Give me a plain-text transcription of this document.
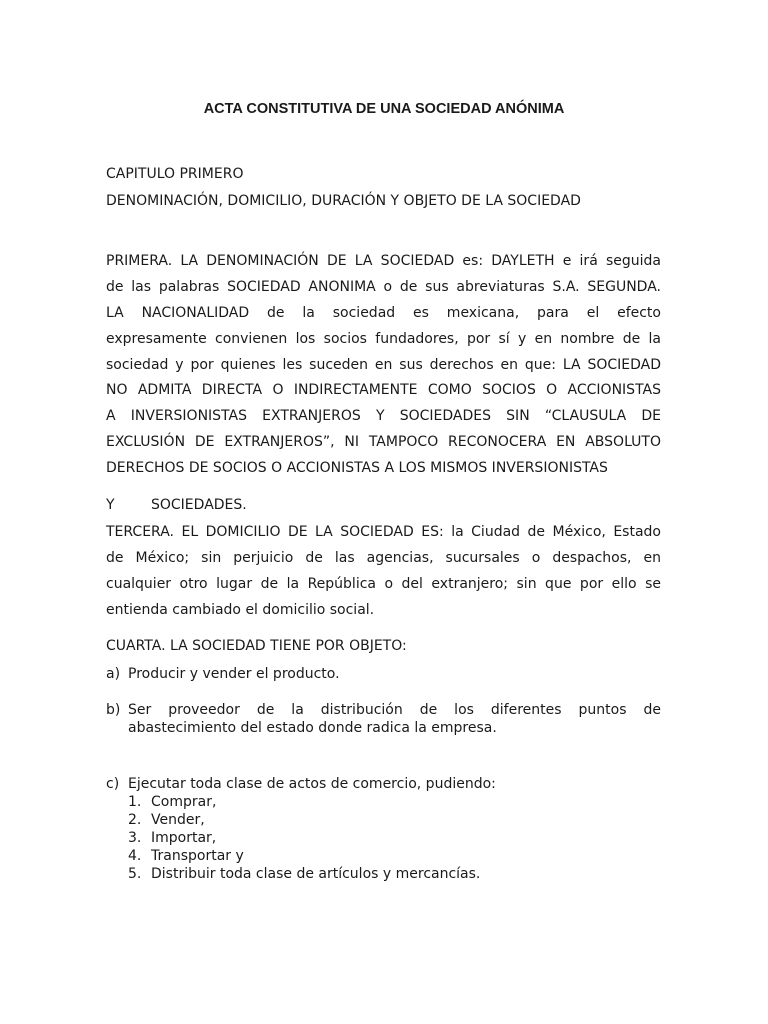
ACTA CONSTITUTIVA DE UNA SOCIEDAD ANÓNIMA
CAPITULO PRIMERO
DENOMINACIÓN, DOMICILIO, DURACIÓN Y OBJETO DE LA SOCIEDAD
PRIMERA. LA DENOMINACIÓN DE LA SOCIEDAD es: DAYLETH e irá seguida
de las palabras SOCIEDAD ANONIMA o de sus abreviaturas S.A. SEGUNDA.
LA NACIONALIDAD de la sociedad es mexicana, para el efecto
expresamente convienen los socios fundadores, por sí y en nombre de la
sociedad y por quienes les suceden en sus derechos en que: LA SOCIEDAD
NO ADMITA DIRECTA O INDIRECTAMENTE COMO SOCIOS O ACCIONISTAS
A INVERSIONISTAS EXTRANJEROS Y SOCIEDADES SIN “CLAUSULA DE
EXCLUSIÓN DE EXTRANJEROS”, NI TAMPOCO RECONOCERA EN ABSOLUTO
DERECHOS DE SOCIOS O ACCIONISTAS A LOS MISMOS INVERSIONISTAS
Y	SOCIEDADES.
TERCERA. EL DOMICILIO DE LA SOCIEDAD ES: la Ciudad de México, Estado
de México; sin perjuicio de las agencias, sucursales o despachos, en
cualquier otro lugar de la República o del extranjero; sin que por ello se
entienda cambiado el domicilio social.
CUARTA. LA SOCIEDAD TIENE POR OBJETO:
a) Producir y vender el producto.
b) Ser proveedor de la distribución de los diferentes puntos de
abastecimiento del estado donde radica la empresa.
c) Ejecutar toda clase de actos de comercio, pudiendo:
1. Comprar,
2. Vender,
3. Importar,
4. Transportar y
5. Distribuir toda clase de artículos y mercancías.
